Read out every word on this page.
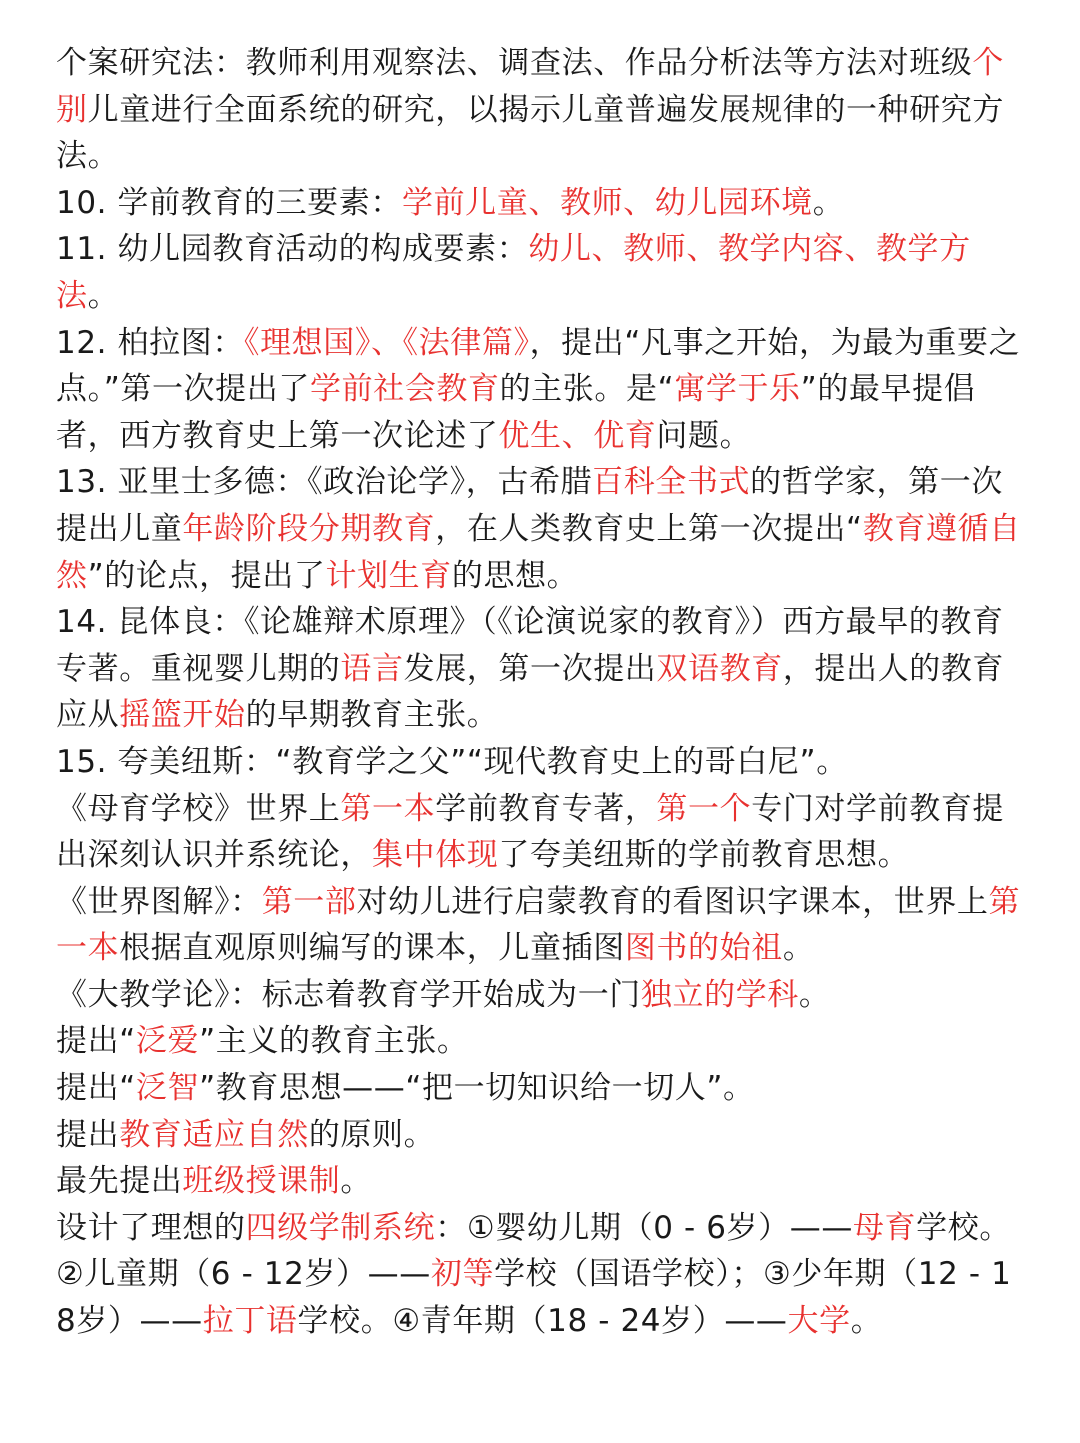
个案研究法：教师利用观察法、调查法、作品分析法等方法对班级个别儿童进行全面系统的研究，以揭示儿童普遍发展规律的一种研究方法。

10. 学前教育的三要素：学前儿童、教师、幼儿园环境。

11. 幼儿园教育活动的构成要素：幼儿、教师、教学内容、教学方法。

12. 柏拉图：《理想国》、《法律篇》，提出“凡事之开始，为最为重要之点。”第一次提出了学前社会教育的主张。是“寓学于乐”的最早提倡者，西方教育史上第一次论述了优生、优育问题。

13. 亚里士多德：《政治论学》，古希腊百科全书式的哲学家，第一次提出儿童年龄阶段分期教育，在人类教育史上第一次提出“教育遵循自然”的论点，提出了计划生育的思想。

14. 昆体良：《论雄辩术原理》（《论演说家的教育》）西方最早的教育专著。重视婴儿期的语言发展，第一次提出双语教育，提出人的教育应从摇篮开始的早期教育主张。

15. 夸美纽斯：“教育学之父”“现代教育史上的哥白尼”。

《母育学校》世界上第一本学前教育专著，第一个专门对学前教育提出深刻认识并系统论，集中体现了夸美纽斯的学前教育思想。

《世界图解》：第一部对幼儿进行启蒙教育的看图识字课本，世界上第一本根据直观原则编写的课本，儿童插图图书的始祖。

《大教学论》：标志着教育学开始成为一门独立的学科。

提出“泛爱”主义的教育主张。

提出“泛智”教育思想——“把一切知识给一切人”。

提出教育适应自然的原则。

最先提出班级授课制。

设计了理想的四级学制系统：①婴幼儿期（0 - 6岁）——母育学校。②儿童期（6 - 12岁）——初等学校（国语学校）；③少年期（12 - 18岁）——拉丁语学校。④青年期（18 - 24岁）——大学。
